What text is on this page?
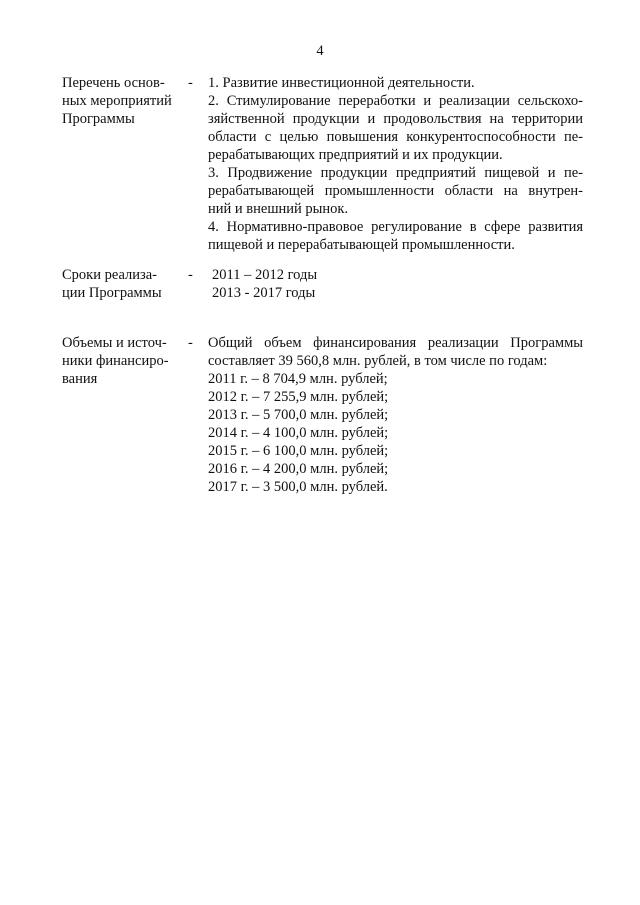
4
Перечень основ-
ных мероприятий
Программы
-	1. Развитие инвестиционной деятельности.
2. Стимулирование переработки и реализации сельскохо-
зяйственной продукции и продовольствия на территории
области с целью повышения конкурентоспособности пе-
рерабатывающих предприятий и их продукции.
3. Продвижение продукции предприятий пищевой и пе-
рерабатывающей промышленности области на внутрен-
ний и внешний рынок.
4. Нормативно-правовое регулирование в сфере развития
пищевой и перерабатывающей промышленности.
Сроки реализа-
ции Программы
-	2011 – 2012 годы
2013 - 2017 годы
Объемы и источ-
ники финансиро-
вания
-	Общий объем финансирования реализации Программы
составляет 39 560,8 млн. рублей, в том числе по годам:
2011 г. – 8 704,9 млн. рублей;
2012 г. – 7 255,9 млн. рублей;
2013 г. – 5 700,0 млн. рублей;
2014 г. – 4 100,0 млн. рублей;
2015 г. – 6 100,0 млн. рублей;
2016 г. – 4 200,0 млн. рублей;
2017 г. – 3 500,0 млн. рублей.
